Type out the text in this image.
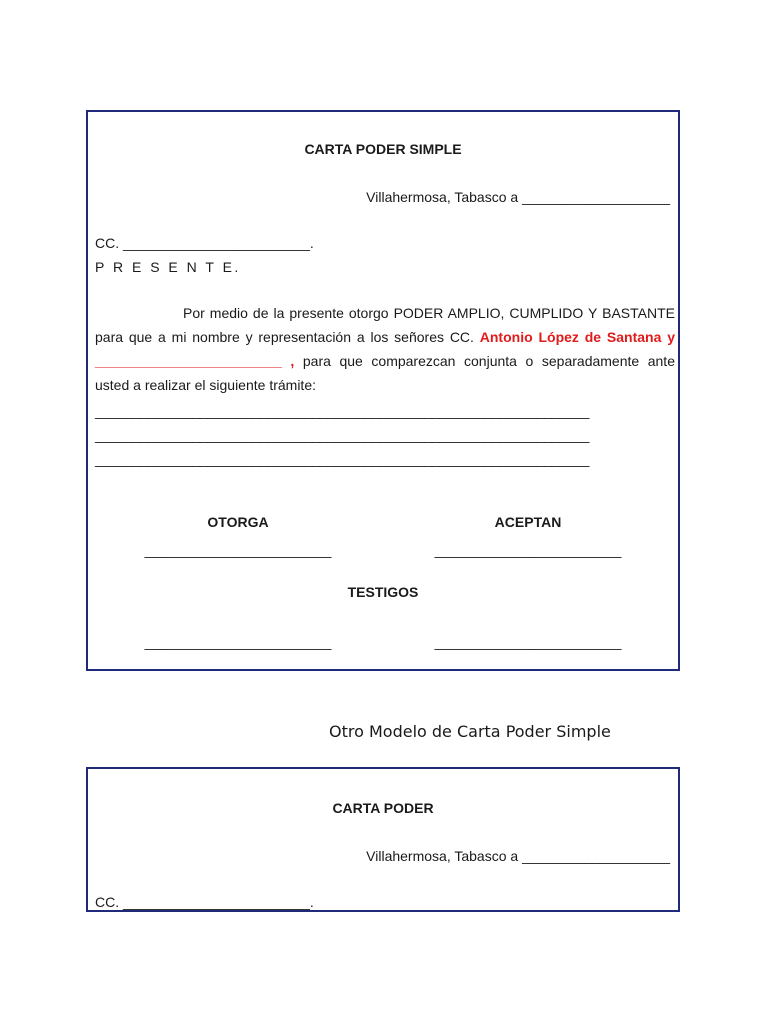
CARTA PODER SIMPLE
Villahermosa, Tabasco a ___________________
CC. ________________________.
P R E S E N T E.
Por medio de la presente otorgo PODER AMPLIO, CUMPLIDO Y BASTANTE para que a mi nombre y representación a los señores CC. Antonio López de Santana y ________________________ , para que comparezcan conjunta o separadamente ante usted a realizar el siguiente trámite:
__________________________________________________________________
__________________________________________________________________
__________________________________________________________________
OTORGA	ACEPTAN
________________________	________________________
TESTIGOS
________________________	________________________
Otro Modelo de Carta Poder Simple
CARTA PODER
Villahermosa, Tabasco a ___________________
CC. ________________________.
